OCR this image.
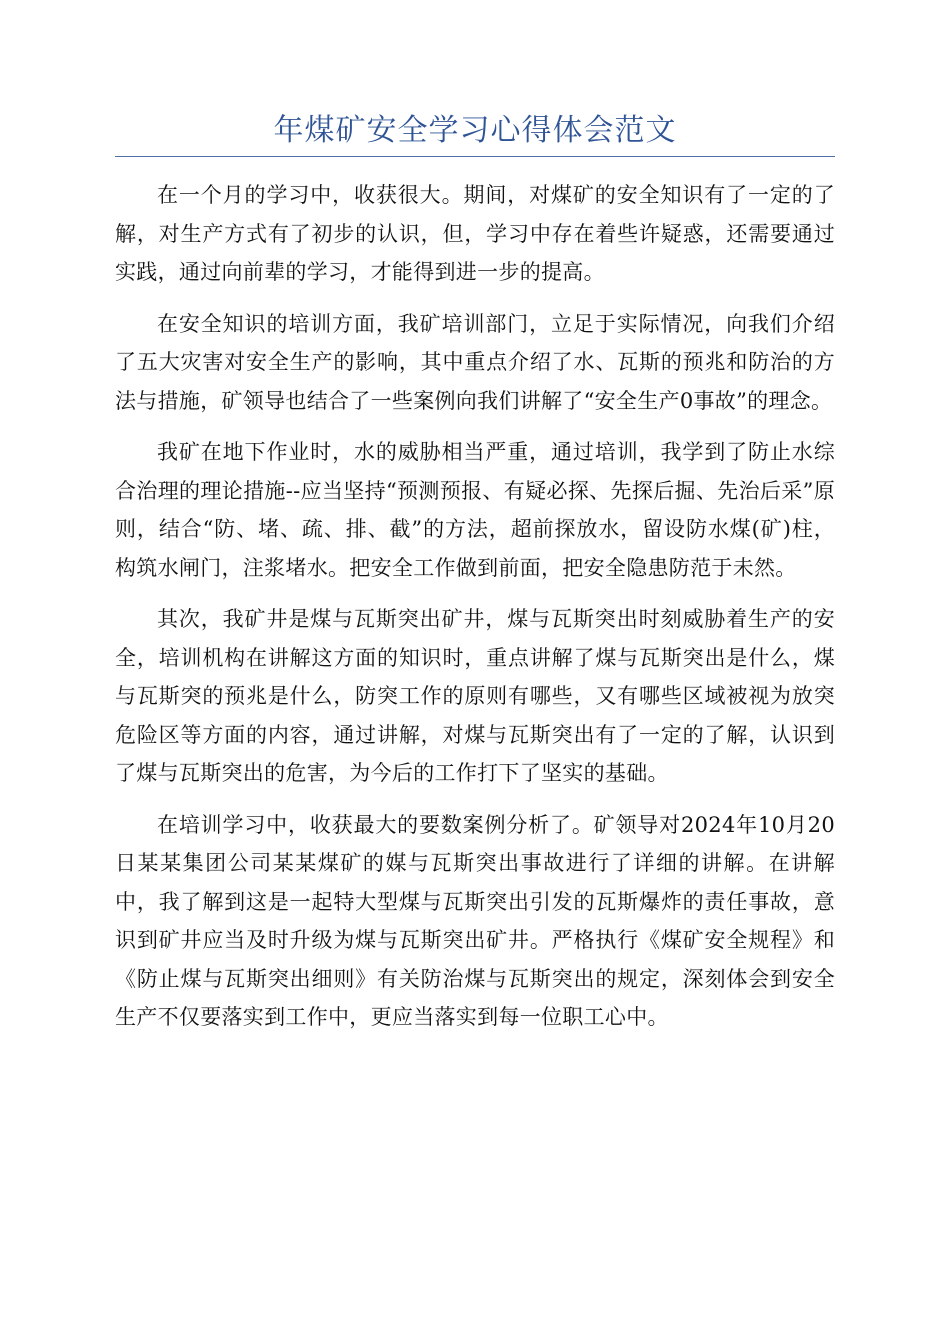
年煤矿安全学习心得体会范文

在一个月的学习中，收获很大。期间，对煤矿的安全知识有了一定的了解，对生产方式有了初步的认识，但，学习中存在着些许疑惑，还需要通过实践，通过向前辈的学习，才能得到进一步的提高。

在安全知识的培训方面，我矿培训部门，立足于实际情况，向我们介绍了五大灾害对安全生产的影响，其中重点介绍了水、瓦斯的预兆和防治的方法与措施，矿领导也结合了一些案例向我们讲解了“安全生产0事故”的理念。

我矿在地下作业时，水的威胁相当严重，通过培训，我学到了防止水综合治理的理论措施--应当坚持“预测预报、有疑必探、先探后掘、先治后采”原则，结合“防、堵、疏、排、截”的方法，超前探放水，留设防水煤(矿)柱，构筑水闸门，注浆堵水。把安全工作做到前面，把安全隐患防范于未然。

其次，我矿井是煤与瓦斯突出矿井，煤与瓦斯突出时刻威胁着生产的安全，培训机构在讲解这方面的知识时，重点讲解了煤与瓦斯突出是什么，煤与瓦斯突的预兆是什么，防突工作的原则有哪些，又有哪些区域被视为放突危险区等方面的内容，通过讲解，对煤与瓦斯突出有了一定的了解，认识到了煤与瓦斯突出的危害，为今后的工作打下了坚实的基础。

在培训学习中，收获最大的要数案例分析了。矿领导对2024年10月20日某某集团公司某某煤矿的媒与瓦斯突出事故进行了详细的讲解。在讲解中，我了解到这是一起特大型煤与瓦斯突出引发的瓦斯爆炸的责任事故，意识到矿井应当及时升级为煤与瓦斯突出矿井。严格执行《煤矿安全规程》和《防止煤与瓦斯突出细则》有关防治煤与瓦斯突出的规定，深刻体会到安全生产不仅要落实到工作中，更应当落实到每一位职工心中。
